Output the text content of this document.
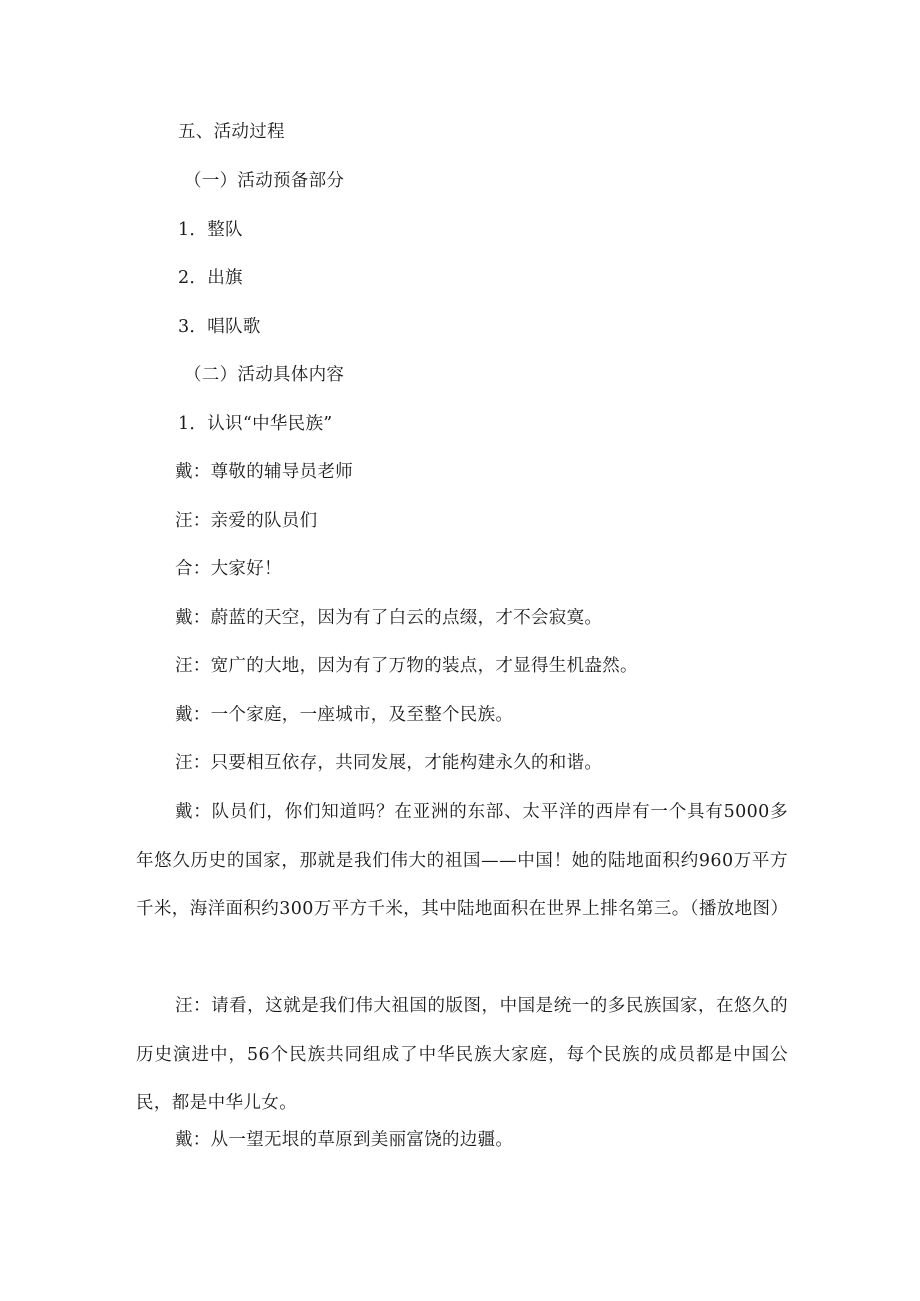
五、活动过程
（一）活动预备部分
1．整队
2．出旗
3．唱队歌
（二）活动具体内容
1．认识“中华民族”
戴：尊敬的辅导员老师
汪：亲爱的队员们
合：大家好！
戴：蔚蓝的天空，因为有了白云的点缀，才不会寂寞。
汪：宽广的大地，因为有了万物的装点，才显得生机盎然。
戴：一个家庭，一座城市，及至整个民族。
汪：只要相互依存，共同发展，才能构建永久的和谐。
戴：队员们，你们知道吗？在亚洲的东部、太平洋的西岸有一个具有5000多年悠久历史的国家，那就是我们伟大的祖国——中国！她的陆地面积约960万平方千米，海洋面积约300万平方千米，其中陆地面积在世界上排名第三。（播放地图）
汪：请看，这就是我们伟大祖国的版图，中国是统一的多民族国家，在悠久的历史演进中，56个民族共同组成了中华民族大家庭，每个民族的成员都是中国公民，都是中华儿女。
戴：从一望无垠的草原到美丽富饶的边疆。
